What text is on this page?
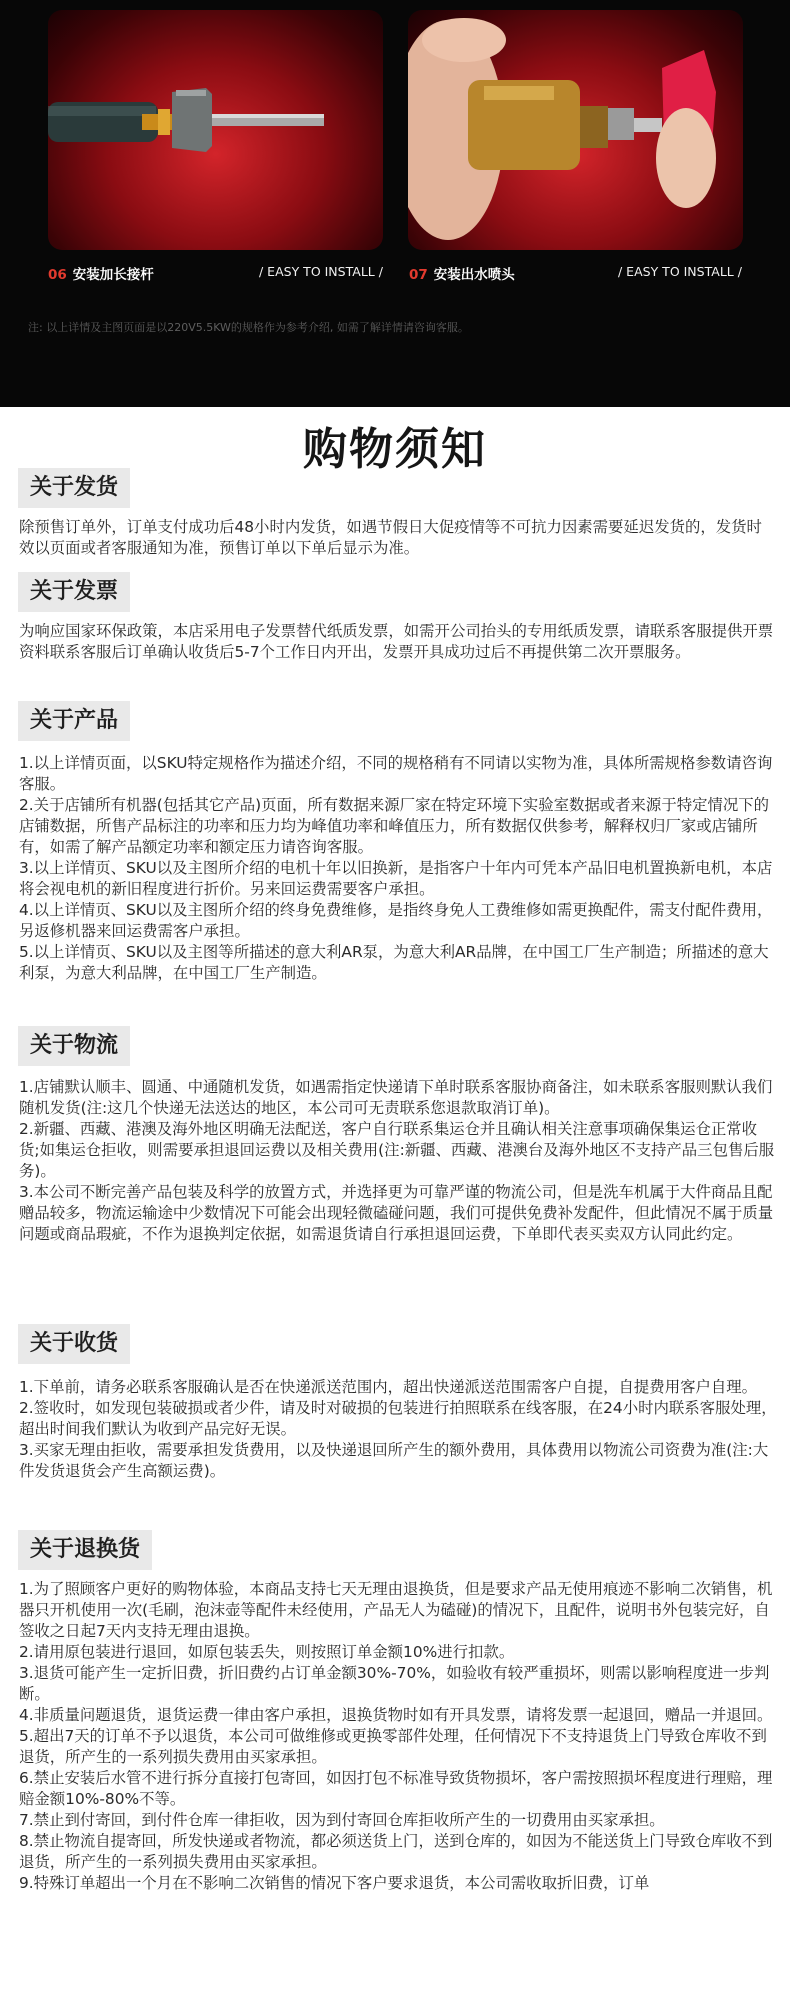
06 安装加长接杆	/ EASY TO INSTALL / 07 安装出水喷头	/ EASY TO INSTALL /
注: 以上详情及主图页面是以220V5.5KW的规格作为参考介绍, 如需了解详情请咨询客服。
购物须知
关于发货

除预售订单外，订单支付成功后48小时内发货，如遇节假日大促疫情等不可抗力因素需要延迟发货的，发货时效以页面或者客服通知为准，预售订单以下单后显示为准。

关于发票

为响应国家环保政策，本店采用电子发票替代纸质发票，如需开公司抬头的专用纸质发票，请联系客服提供开票资料联系客服后订单确认收货后5-7个工作日内开出，发票开具成功过后不再提供第二次开票服务。

关于产品

1.以上详情页面，以SKU特定规格作为描述介绍，不同的规格稍有不同请以实物为准，具体所需规格参数请咨询客服。

2.关于店铺所有机器(包括其它产品)页面，所有数据来源厂家在特定环境下实验室数据或者来源于特定情况下的店铺数据，所售产品标注的功率和压力均为峰值功率和峰值压力，所有数据仅供参考，解释权归厂家或店铺所有，如需了解产品额定功率和额定压力请咨询客服。

3.以上详情页、SKU以及主图所介绍的电机十年以旧换新，是指客户十年内可凭本产品旧电机置换新电机，本店将会视电机的新旧程度进行折价。另来回运费需要客户承担。

4.以上详情页、SKU以及主图所介绍的终身免费维修，是指终身免人工费维修如需更换配件，需支付配件费用，另返修机器来回运费需客户承担。

5.以上详情页、SKU以及主图等所描述的意大利AR泵，为意大利AR品牌，在中国工厂生产制造；所描述的意大利泵，为意大利品牌，在中国工厂生产制造。

关于物流

1.店铺默认顺丰、圆通、中通随机发货，如遇需指定快递请下单时联系客服协商备注，如未联系客服则默认我们随机发货(注:这几个快递无法送达的地区，本公司可无责联系您退款取消订单)。

2.新疆、西藏、港澳及海外地区明确无法配送，客户自行联系集运仓并且确认相关注意事项确保集运仓正常收货;如集运仓拒收，则需要承担退回运费以及相关费用(注:新疆、西藏、港澳台及海外地区不支持产品三包售后服务)。

3.本公司不断完善产品包装及科学的放置方式，并选择更为可靠严谨的物流公司，但是洗车机属于大件商品且配赠品较多，物流运输途中少数情况下可能会出现轻微磕碰问题，我们可提供免费补发配件，但此情况不属于质量问题或商品瑕疵，不作为退换判定依据，如需退货请自行承担退回运费，下单即代表买卖双方认同此约定。

关于收货

1.下单前，请务必联系客服确认是否在快递派送范围内，超出快递派送范围需客户自提，自提费用客户自理。

2.签收时，如发现包装破损或者少件，请及时对破损的包装进行拍照联系在线客服，在24小时内联系客服处理，超出时间我们默认为收到产品完好无误。

3.买家无理由拒收，需要承担发货费用，以及快递退回所产生的额外费用，具体费用以物流公司资费为准(注:大件发货退货会产生高额运费)。

关于退换货

1.为了照顾客户更好的购物体验，本商品支持七天无理由退换货，但是要求产品无使用痕迹不影响二次销售，机器只开机使用一次(毛刷，泡沫壶等配件未经使用，产品无人为磕碰)的情况下，且配件，说明书外包装完好，自签收之日起7天内支持无理由退换。

2.请用原包装进行退回，如原包装丢失，则按照订单金额10%进行扣款。

3.退货可能产生一定折旧费，折旧费约占订单金额30%-70%，如验收有较严重损坏，则需以影响程度进一步判断。

4.非质量问题退货，退货运费一律由客户承担，退换货物时如有开具发票，请将发票一起退回，赠品一并退回。

5.超出7天的订单不予以退货，本公司可做维修或更换零部件处理，任何情况下不支持退货上门导致仓库收不到退货，所产生的一系列损失费用由买家承担。

6.禁止安装后水管不进行拆分直接打包寄回，如因打包不标准导致货物损坏，客户需按照损坏程度进行理赔，理赔金额10%-80%不等。

7.禁止到付寄回，到付件仓库一律拒收，因为到付寄回仓库拒收所产生的一切费用由买家承担。

8.禁止物流自提寄回，所发快递或者物流，都必须送货上门，送到仓库的，如因为不能送货上门导致仓库收不到退货，所产生的一系列损失费用由买家承担。

9.特殊订单超出一个月在不影响二次销售的情况下客户要求退货，本公司需收取折旧费，订单
